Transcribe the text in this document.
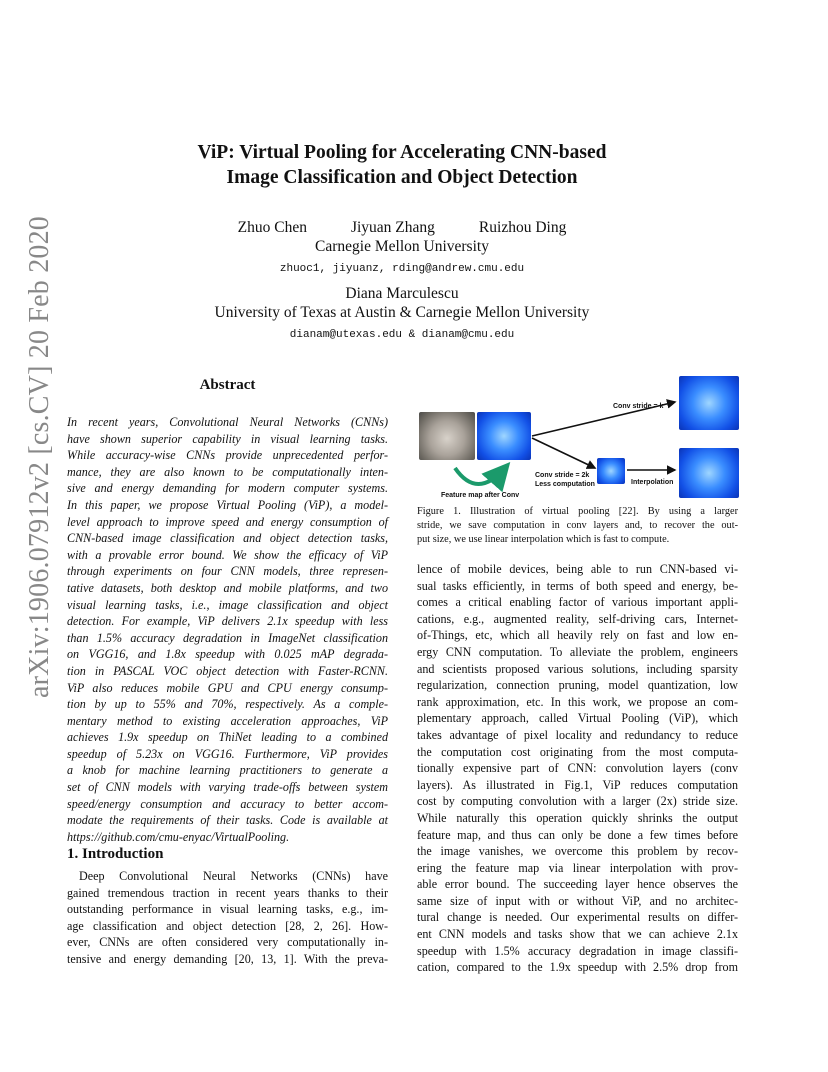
arXiv:1906.07912v2 [cs.CV] 20 Feb 2020
ViP: Virtual Pooling for Accelerating CNN-based
Image Classification and Object Detection
Zhuo Chen	Jiyuan Zhang	Ruizhou Ding
Carnegie Mellon University
zhuoc1, jiyuanz, rding@andrew.cmu.edu
Diana Marculescu
University of Texas at Austin & Carnegie Mellon University
dianam@utexas.edu & dianam@cmu.edu
Abstract
In recent years, Convolutional Neural Networks (CNNs)
have shown superior capability in visual learning tasks.
While accuracy-wise CNNs provide unprecedented perfor-
mance, they are also known to be computationally inten-
sive and energy demanding for modern computer systems.
In this paper, we propose Virtual Pooling (ViP), a model-
level approach to improve speed and energy consumption of
CNN-based image classification and object detection tasks,
with a provable error bound. We show the efficacy of ViP
through experiments on four CNN models, three represen-
tative datasets, both desktop and mobile platforms, and two
visual learning tasks, i.e., image classification and object
detection. For example, ViP delivers 2.1x speedup with less
than 1.5% accuracy degradation in ImageNet classification
on VGG16, and 1.8x speedup with 0.025 mAP degrada-
tion in PASCAL VOC object detection with Faster-RCNN.
ViP also reduces mobile GPU and CPU energy consump-
tion by up to 55% and 70%, respectively. As a comple-
mentary method to existing acceleration approaches, ViP
achieves 1.9x speedup on ThiNet leading to a combined
speedup of 5.23x on VGG16. Furthermore, ViP provides
a knob for machine learning practitioners to generate a
set of CNN models with varying trade-offs between system
speed/energy consumption and accuracy to better accom-
modate the requirements of their tasks. Code is available at
https://github.com/cmu-enyac/VirtualPooling.
1. Introduction
Deep Convolutional Neural Networks (CNNs) have
gained tremendous traction in recent years thanks to their
outstanding performance in visual learning tasks, e.g., im-
age classification and object detection [28, 2, 26]. How-
ever, CNNs are often considered very computationally in-
tensive and energy demanding [20, 13, 1]. With the preva-
Conv stride = k
Conv stride = 2k
Less computation	Interpolation
Feature map after Conv
Figure 1. Illustration of virtual pooling [22]. By using a larger
stride, we save computation in conv layers and, to recover the out-
put size, we use linear interpolation which is fast to compute.
lence of mobile devices, being able to run CNN-based vi-
sual tasks efficiently, in terms of both speed and energy, be-
comes a critical enabling factor of various important appli-
cations, e.g., augmented reality, self-driving cars, Internet-
of-Things, etc, which all heavily rely on fast and low en-
ergy CNN computation. To alleviate the problem, engineers
and scientists proposed various solutions, including sparsity
regularization, connection pruning, model quantization, low
rank approximation, etc. In this work, we propose an com-
plementary approach, called Virtual Pooling (ViP), which
takes advantage of pixel locality and redundancy to reduce
the computation cost originating from the most computa-
tionally expensive part of CNN: convolution layers (conv
layers). As illustrated in Fig.1, ViP reduces computation
cost by computing convolution with a larger (2x) stride size.
While naturally this operation quickly shrinks the output
feature map, and thus can only be done a few times before
the image vanishes, we overcome this problem by recov-
ering the feature map via linear interpolation with prov-
able error bound. The succeeding layer hence observes the
same size of input with or without ViP, and no architec-
tural change is needed. Our experimental results on differ-
ent CNN models and tasks show that we can achieve 2.1x
speedup with 1.5% accuracy degradation in image classifi-
cation, compared to the 1.9x speedup with 2.5% drop from
